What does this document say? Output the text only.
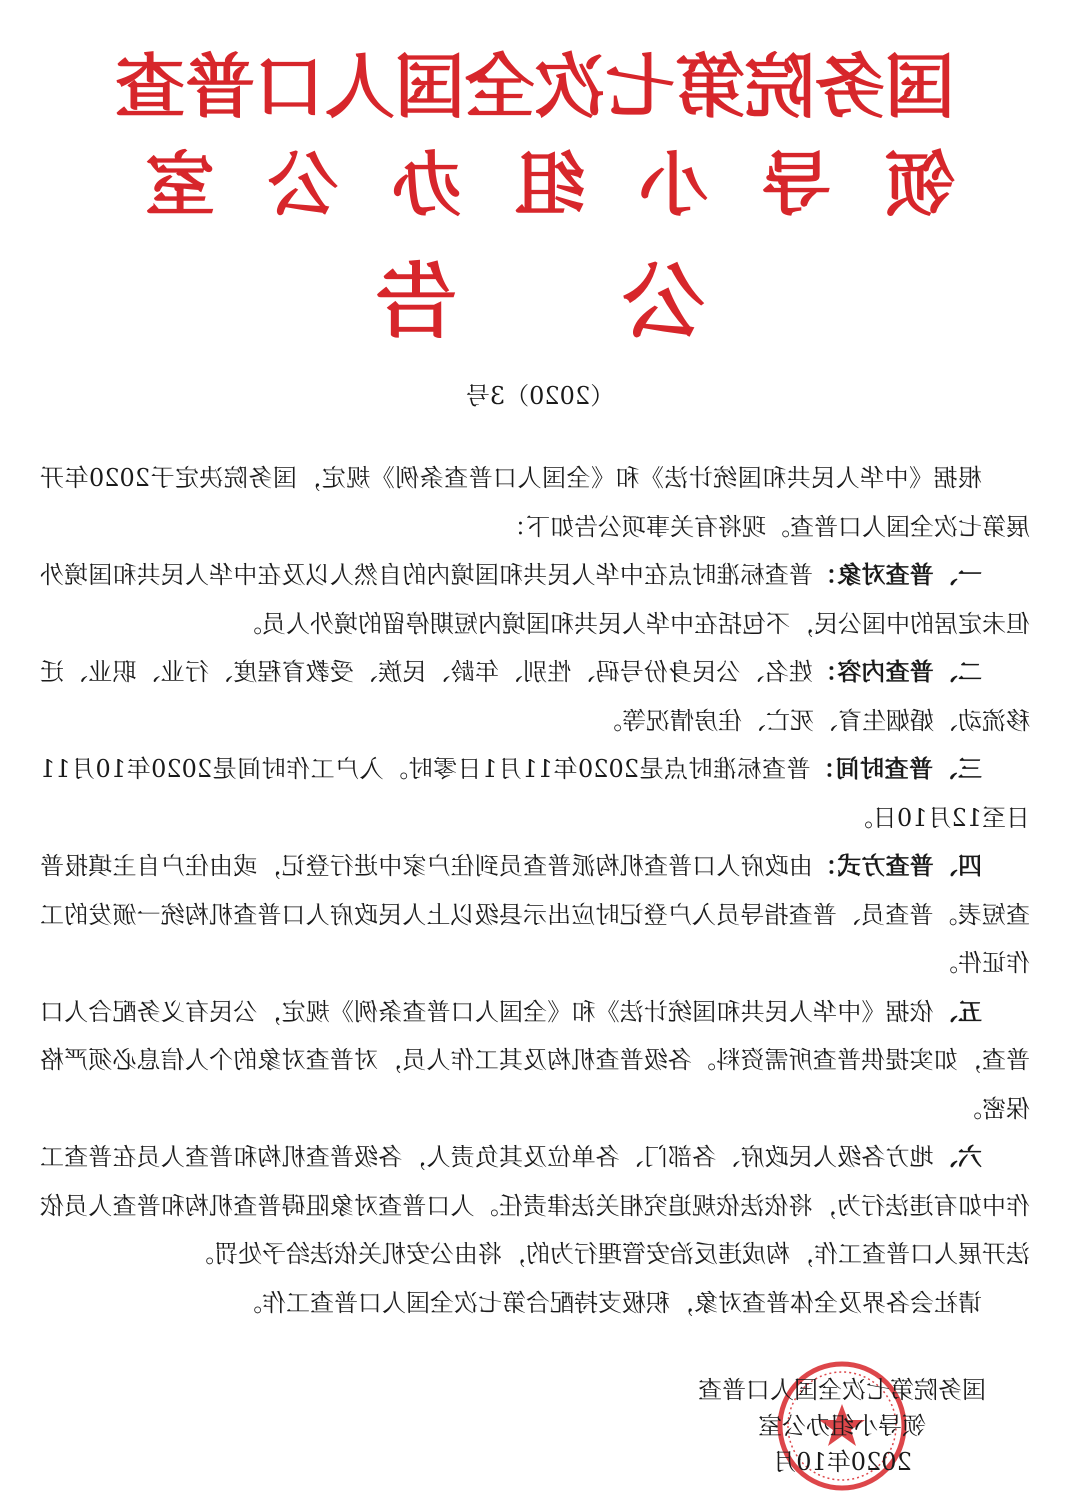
国
务
院
第
七
次
全
国
人
口
普
查
领
导
小
组
办
公
室
公
告
（2020）3号

根据《中华人民共和国统计法》和《全国人口普查条例》规定，国务院决定于2020年开展第七次全国人口普查。现将有关事项公告如下：

一、普查对象：普查标准时点在中华人民共和国境内的自然人以及在中华人民共和国境外但未定居的中国公民，不包括在中华人民共和国境内短期停留的境外人员。

二、普查内容：姓名、公民身份号码、性别、年龄、民族、受教育程度、行业、职业、迁移流动、婚姻生育、死亡、住房情况等。

三、普查时间：普查标准时点是2020年11月1日零时。入户工作时间是2020年10月11日至12月10日。

四、普查方式：由政府人口普查机构派普查员到住户家中进行登记，或由住户自主填报普查短表。普查员、普查指导员入户登记时应出示县级以上人民政府人口普查机构统一颁发的工作证件。

五、依据《中华人民共和国统计法》和《全国人口普查条例》规定，公民有义务配合人口普查，如实提供普查所需资料。各级普查机构及其工作人员，对普查对象的个人信息必须严格保密。

六、地方各级人民政府、各部门、各单位及其负责人，各级普查机构和普查人员在普查工作中如有违法行为，将依法依规追究相关法律责任。人口普查对象阻碍普查机构和普查人员依法开展人口普查工作，构成违反治安管理行为的，将由公安机关依法给予处罚。

请社会各界及全体普查对象，积极支持配合第七次全国人口普查工作。

国务院第七次全国人口普查
领导小组办公室
2020年10月
